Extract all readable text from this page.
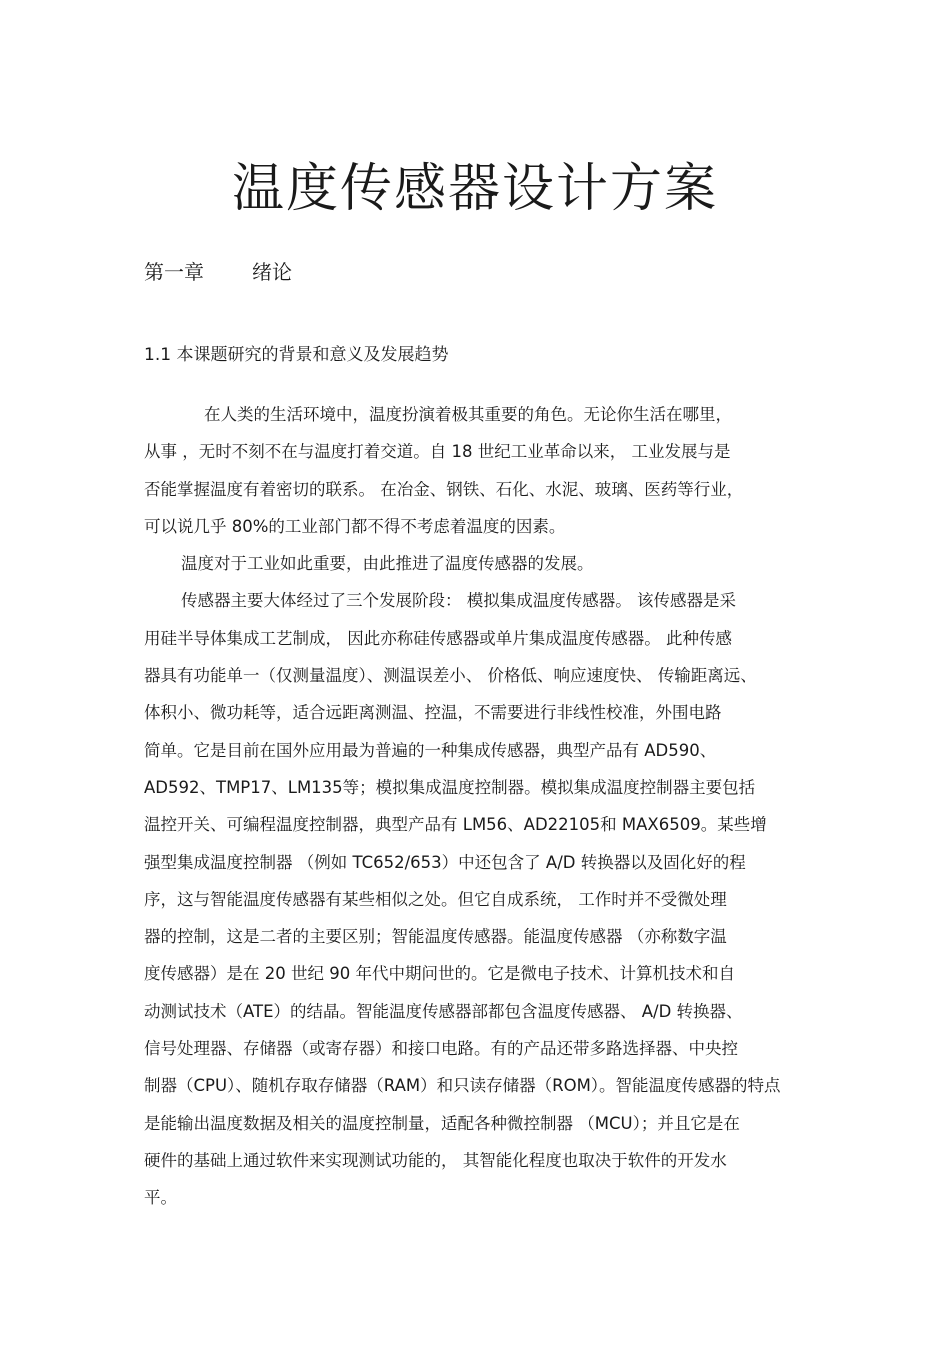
温度传感器设计方案
第一章 绪论
1.1 本课题研究的背景和意义及发展趋势
在人类的生活环境中，温度扮演着极其重要的角色。无论你生活在哪里，
从事 ，无时不刻不在与温度打着交道。自 18 世纪工业革命以来， 工业发展与是
否能掌握温度有着密切的联系。 在冶金、钢铁、石化、水泥、玻璃、医药等行业，
可以说几乎 80%的工业部门都不得不考虑着温度的因素。
温度对于工业如此重要，由此推进了温度传感器的发展。
传感器主要大体经过了三个发展阶段： 模拟集成温度传感器。 该传感器是采
用硅半导体集成工艺制成， 因此亦称硅传感器或单片集成温度传感器。 此种传感
器具有功能单一（仅测量温度）、测温误差小、 价格低、响应速度快、 传输距离远、
体积小、微功耗等，适合远距离测温、控温，不需要进行非线性校准，外围电路
简单。它是目前在国外应用最为普遍的一种集成传感器，典型产品有 AD590、
AD592、TMP17、LM135等；模拟集成温度控制器。模拟集成温度控制器主要包括
温控开关、可编程温度控制器，典型产品有 LM56、AD22105和 MAX6509。某些增
强型集成温度控制器 （例如 TC652/653）中还包含了 A/D 转换器以及固化好的程
序，这与智能温度传感器有某些相似之处。但它自成系统， 工作时并不受微处理
器的控制，这是二者的主要区别；智能温度传感器。能温度传感器 （亦称数字温
度传感器）是在 20 世纪 90 年代中期问世的。它是微电子技术、计算机技术和自
动测试技术（ATE）的结晶。智能温度传感器部都包含温度传感器、 A/D 转换器、
信号处理器、存储器（或寄存器）和接口电路。有的产品还带多路选择器、中央控
制器（CPU）、随机存取存储器（RAM）和只读存储器（ROM）。智能温度传感器的特点
是能输出温度数据及相关的温度控制量，适配各种微控制器 （MCU）；并且它是在
硬件的基础上通过软件来实现测试功能的， 其智能化程度也取决于软件的开发水
平。
